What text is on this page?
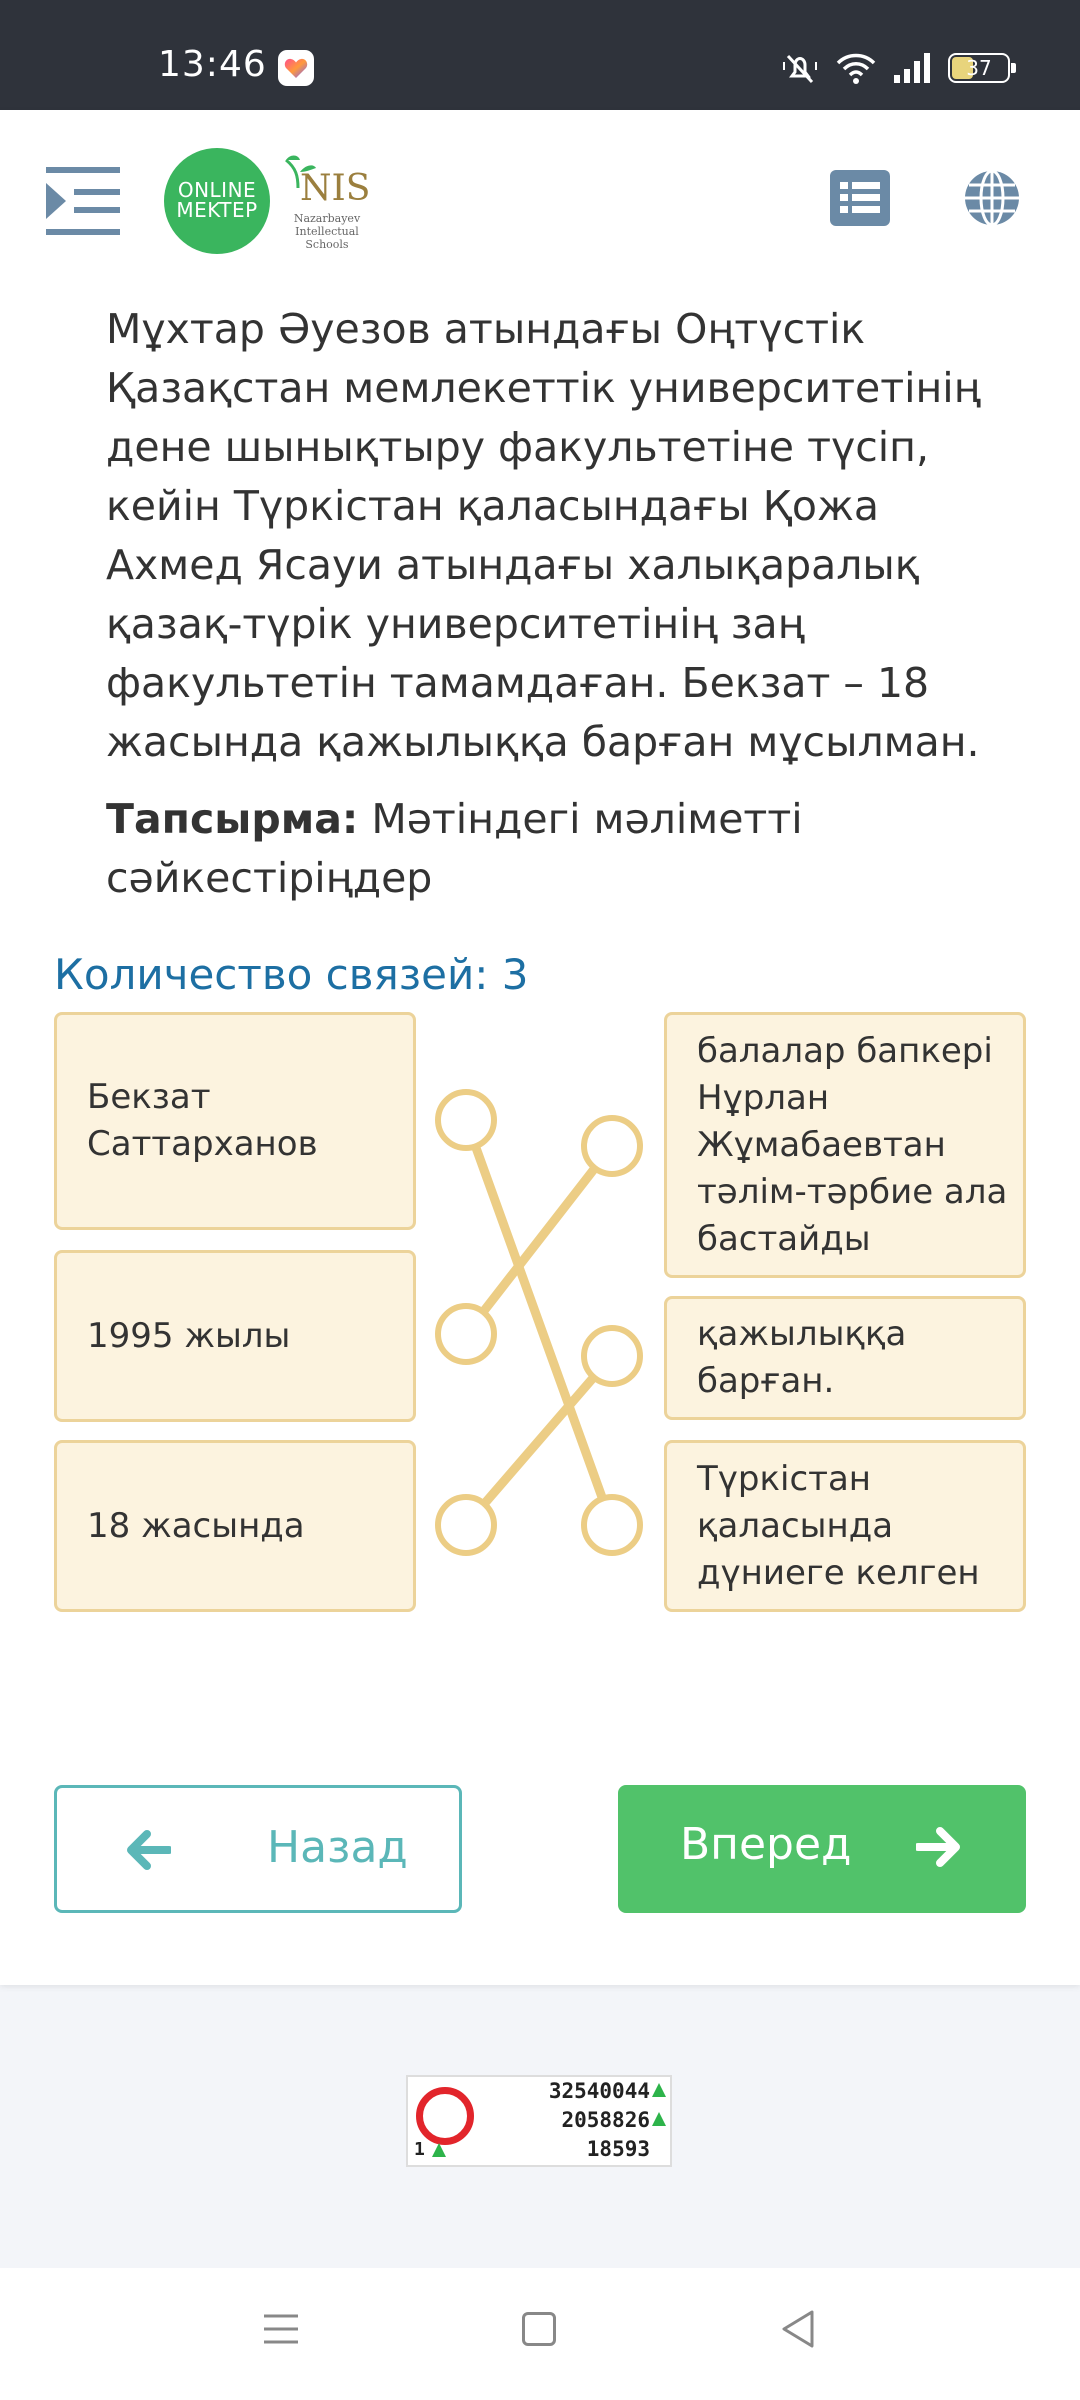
13:46	37
ONLINE
MEKTEP
NIS
Nazarbayev Intellectual Schools
Мұхтар Әуезов атындағы Оңтүстік
Қазақстан мемлекеттік университетінің
дене шынықтыру факультетіне түсіп,
кейін Түркістан қаласындағы Қожа
Ахмед Ясауи атындағы халықаралық
қазақ-түрік университетінің заң
факультетін тамамдаған. Бекзат – 18
жасында қажылыққа барған мұсылман.
Тапсырма: Мәтіндегі мәліметті
сәйкестіріңдер
Количество связей: 3
Бекзат
Саттарханов
1995 жылы
18 жасында
балалар бапкері
Нұрлан
Жұмабаевтан
тәлім-тәрбие ала
бастайды
қажылыққа
барған.
Түркістан
қаласында
дүниеге келген
Назад	Вперед
32540044
2058826
18593
1
